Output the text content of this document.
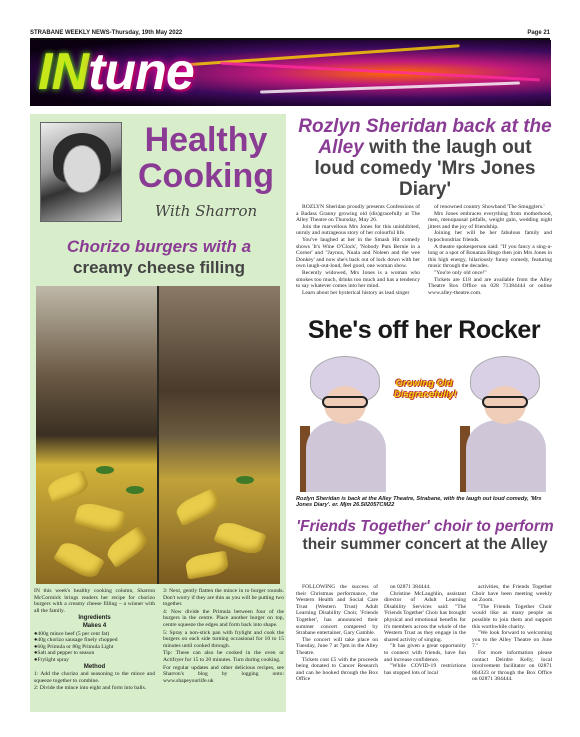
STRABANE WEEKLY NEWS-Thursday, 19th May 2022	Page 21
INtune
Healthy
Cooking
With Sharron
Chorizo burgers with a
creamy cheese filling

IN this week's healthy cooking column, Sharron McCormick brings readers her recipe for chorizo burgers with a creamy cheese filling – a winner with all the family.

Ingredients

Makes 4

● 400g mince beef (5 per cent fat)
● 40g chorizo sausage finely chopped
● 60g Primula or 80g Primula Light
● Salt and pepper to season
● Frylight spray

Method

1: Add the chorizo and seasoning to the mince and squeeze together to combine.

2: Divide the mince into eight and form into balls.

3: Next, gently flatten the mince in to burger rounds. Don't worry if they are thin as you will be putting two together.

4: Now divide the Primula between four of the burgers in the centre. Place another burger on top, centre squeeze the edges and form back into shape.

5: Spray a non-stick pan with frylight and cook the burgers on each side turning occasional for 10 to 15 minutes until cooked through.

Tip: These can also be cooked in the oven or Actifryer for 15 to 20 minutes. Turn during cooking.

For regular updates and other delicious recipes, see Sharron's blog by logging onto: www.shapeyourlife.uk

Rozlyn Sheridan back at the Alley with the laugh out loud comedy 'Mrs Jones Diary'

ROZLYN Sheridan proudly presents Confessions of a Badass Granny growing old (dis)gracefully at The Alley Theatre on Thursday, May 26.

Join the marvellous Mrs Jones for this uninhibited, unruly and outrageous story of her colourful life.

You've laughed at her in the Smash Hit comedy shows 'It's Wine O'Clock', 'Nobody Puts Bernie in a Corner' and "Jaynus, Nuala and Noleen and the wee Donkey' and now she's back out of lock down with her own laugh-out-loud, feel good, one woman show.

Recently widowed, Mrs Jones is a woman who smokes too much, drinks too much and has a tendency to say whatever comes into her mind.

Learn about her hysterical history as lead singer

of renowned country Showband 'The Smugglers.'

Mrs Jones embraces everything from motherhood, men, menopausal pitfalls, weight gain, wedding night jitters and the joy of friendship.

Joining her will be her fabulous family and hypochondriac friends.

A theatre spokesperson said: "If you fancy a sing-a-long or a spot of Bonanza Bingo then join Mrs Jones in this high energy, hilariously funny comedy, featuring music through the decades.

"You're only old once!"

Tickets are £18 and are available from the Alley Theatre Box Office on 028 71384444 or online www.alley-theatre.com.

She's off her Rocker
Growing Old
Disgracefully!
Rozlyn Sheridan is back at the Alley Theatre, Strabane, with the laugh out loud comedy, 'Mrs Jones Diary'. er. Mjm 26.5ll2057CM22
'Friends Together' choir to perform their summer concert at the Alley

FOLLOWING the success of their Christmas performance, the Western Health and Social Care Trust (Western Trust) Adult Learning Disability Choir, 'Friends Together', has announced their summer concert compered by Strabane entertainer, Gary Gamble.

The concert will take place on Tuesday, June 7 at 7pm in the Alley Theatre.

Tickets cost £5 with the proceeds being donated to Cancer Research and can be booked through the Box Office

on 02871 384444.

Christine McLaughlin, assistant director of Adult Learning Disability Services said: "The 'Friends Together' Choir has brought physical and emotional benefits for it's members across the whole of the Western Trust as they engage in the shared activity of singing.

"It has given a great opportunity to connect with friends, have fun and increase confidence.

"While COVID-19 restrictions has stopped lots of local

activities, the Friends Together Choir have been meeting weekly on Zoom.

"The Friends Together Choir would like as many people as possible to join them and support this worthwhile charity.

"We look forward to welcoming you to the Alley Theatre on June 7."

For more information please contact Deirdre Kelly, local involvement facilitator on 02871 864323 or through the Box Office on 02871 384444.
